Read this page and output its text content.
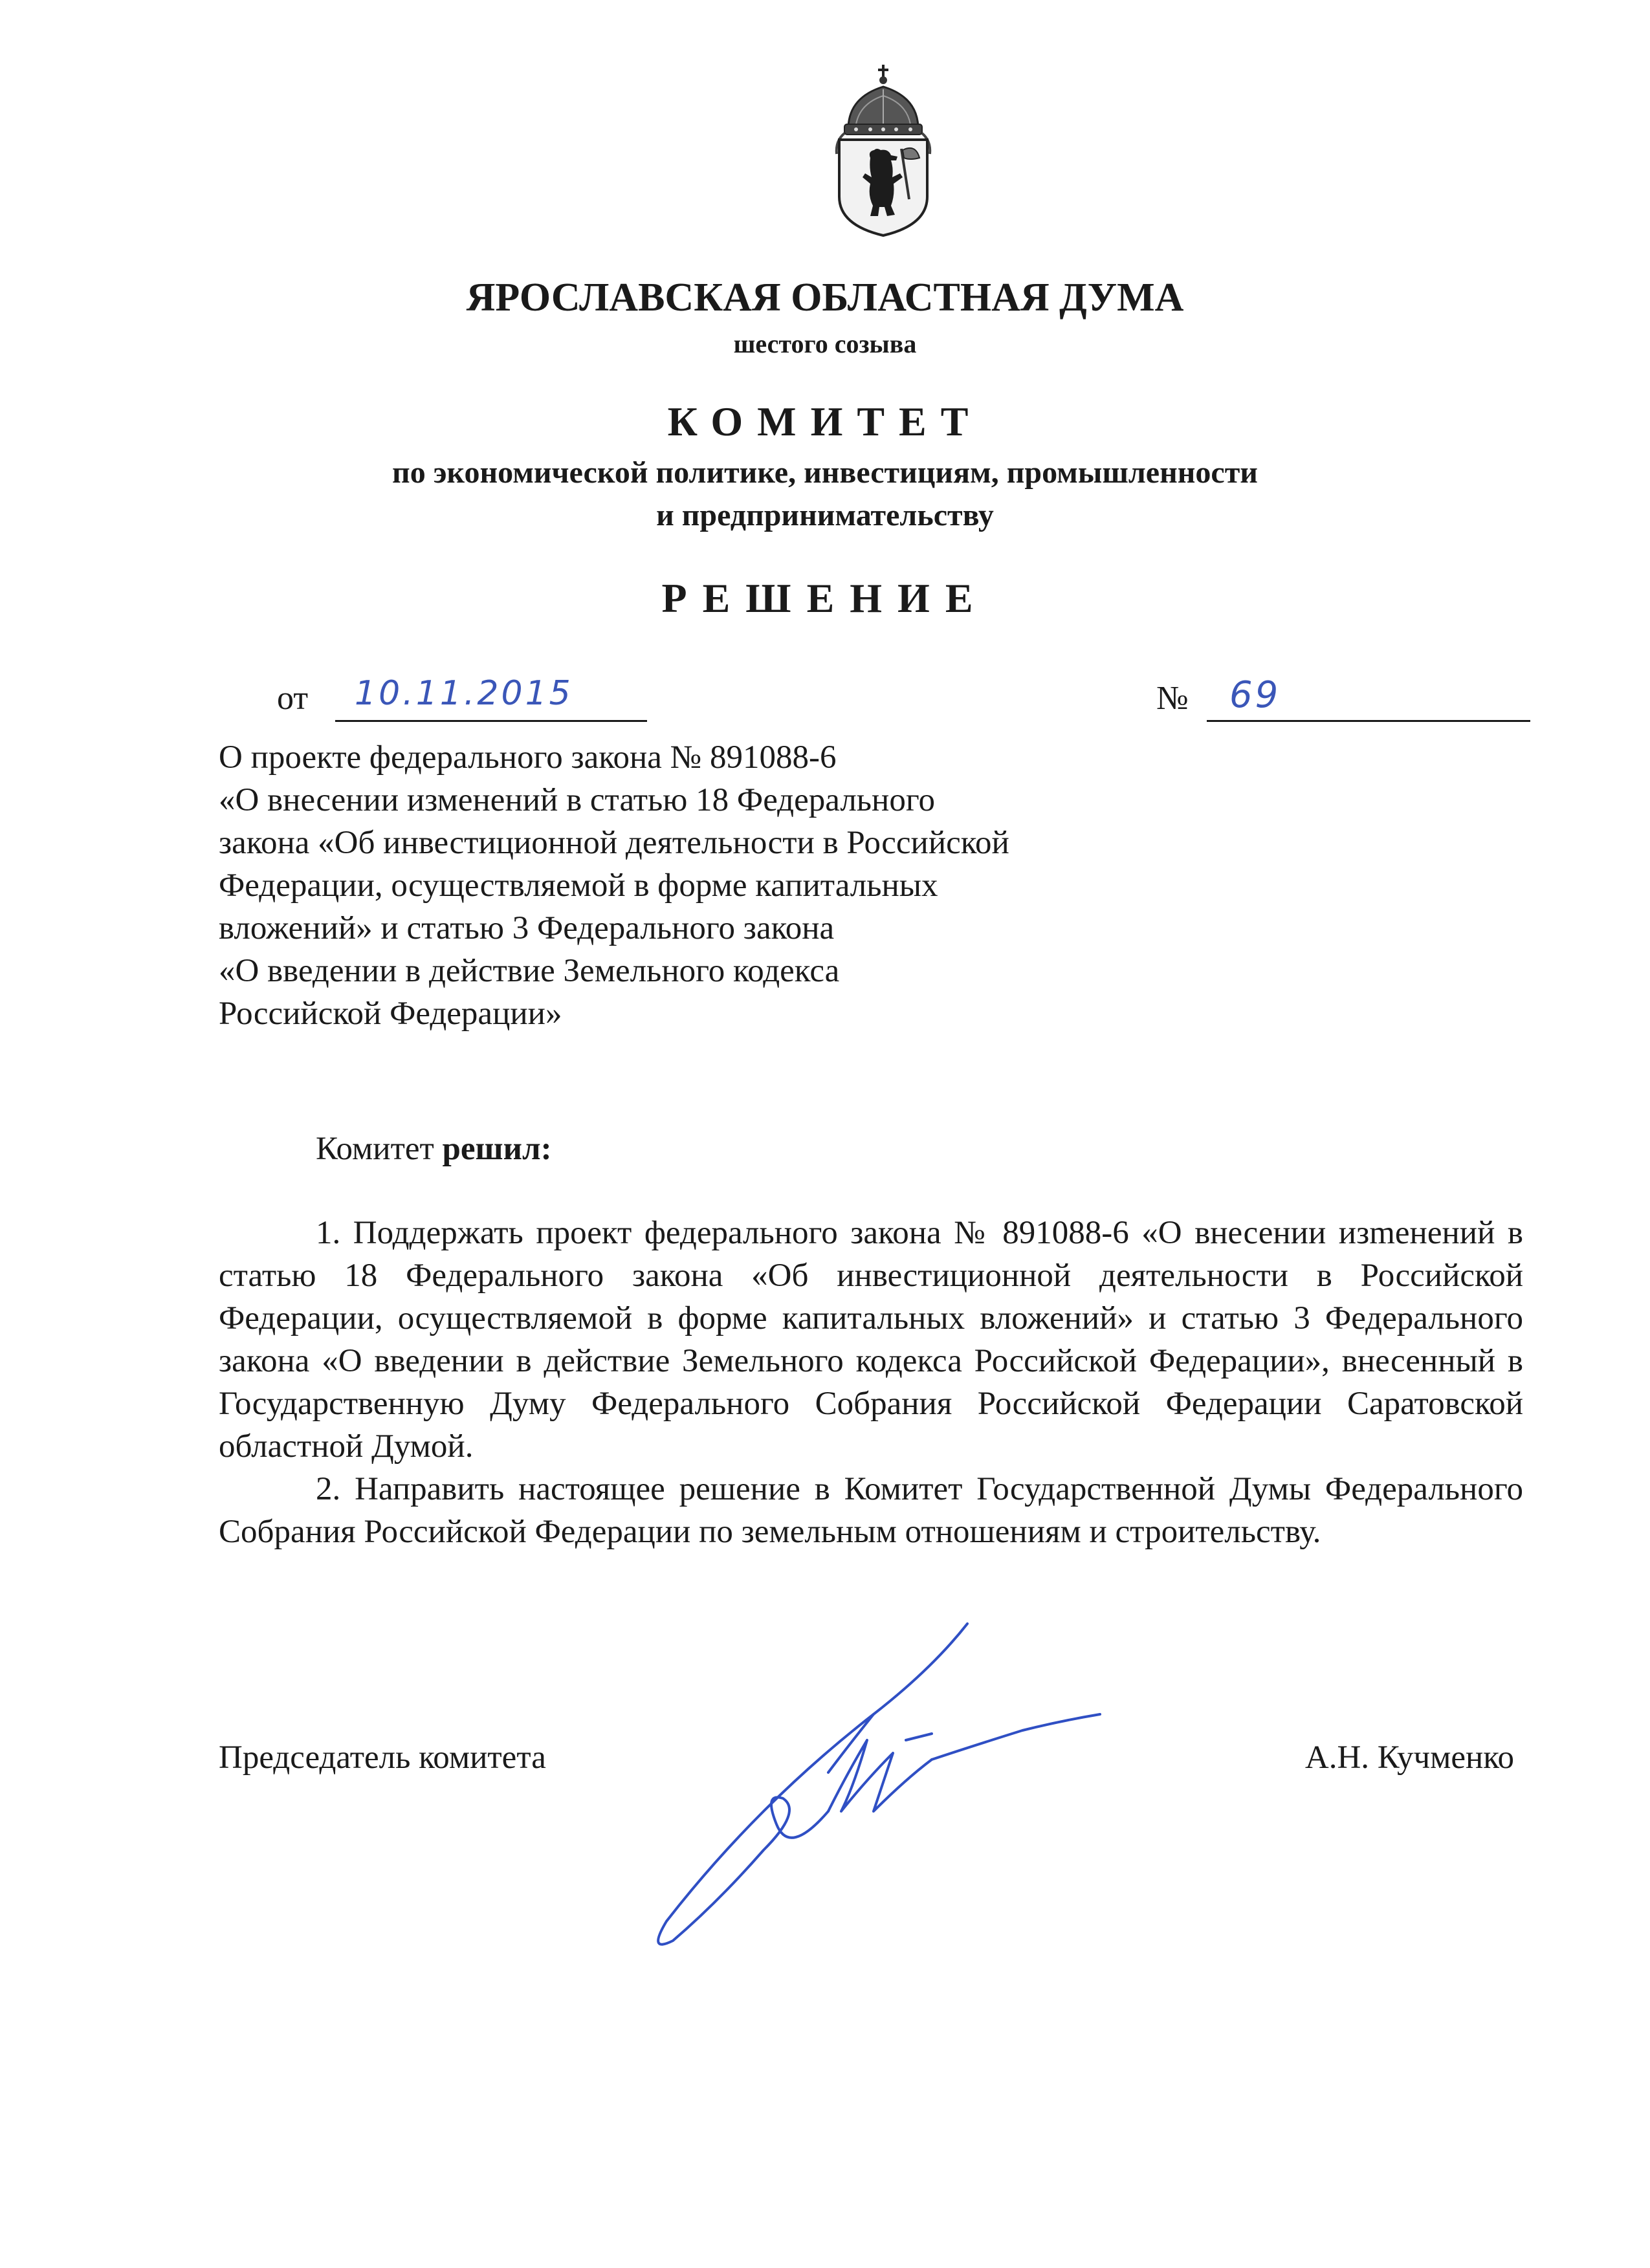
ЯРОСЛАВСКАЯ ОБЛАСТНАЯ ДУМА
шестого созыва
КОМИТЕТ
по экономической политике, инвестициям, промышленности
и предпринимательству
РЕШЕНИЕ
от 10.11.2015	№ 69
О проекте федерального закона № 891088-6
«О внесении изменений в статью 18 Федерального
закона «Об инвестиционной деятельности в Российской
Федерации, осуществляемой в форме капитальных
вложений» и статью 3 Федерального закона
«О введении в действие Земельного кодекса
Российской Федерации»
Комитет решил:

1. Поддержать проект федерального закона № 891088-6 «О внесении изmенений в статью 18 Федерального закона «Об инвестиционной деятельности в Российской Федерации, осуществляемой в форме капитальных вложений» и статью 3 Федерального закона «О введении в действие Земельного кодекса Российской Федерации», внесенный в Государственную Думу Федерального Собрания Российской Федерации Саратовской областной Думой.

2. Направить настоящее решение в Комитет Государственной Думы Федерального Собрания Российской Федерации по земельным отношениям и строительству.

Председатель комитета	А.Н. Кучменко
